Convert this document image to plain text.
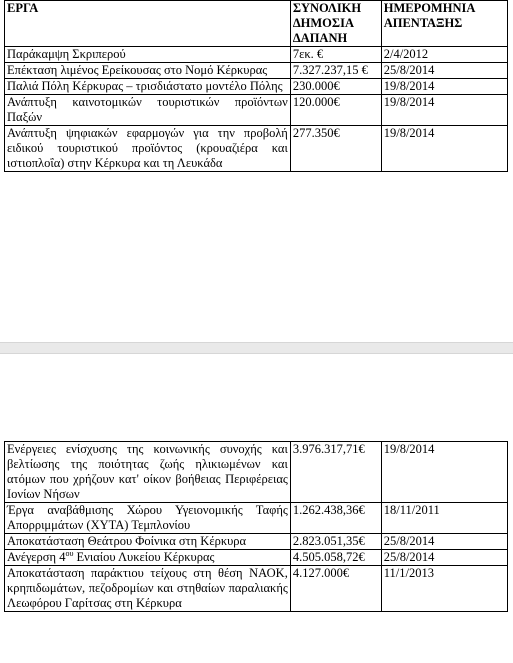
ΕΡΓΑ	ΣΥΝΟΛΙΚΗ ΔΗΜΟΣΙΑ ΔΑΠΑΝΗ	ΗΜΕΡΟΜΗΝΙΑ ΑΠΕΝΤΑΞΗΣ
Παράκαμψη Σκριπερού	7εκ. €	2/4/2012
Επέκταση λιμένος Ερείκουσας στο Νομό Κέρκυρας	7.327.237,15 €	25/8/2014
Παλιά Πόλη Κέρκυρας – τρισδιάστατο μοντέλο Πόλης	230.000€	19/8/2014
Ανάπτυξη καινοτομικών τουριστικών προϊόντων Παξών	120.000€	19/8/2014
Ανάπτυξη ψηφιακών εφαρμογών για την προβολή ειδικού τουριστικού προϊόντος (κρουαζιέρα και ιστιοπλοΐα) στην Κέρκυρα και τη Λευκάδα	277.350€	19/8/2014
Ενέργειες ενίσχυσης της κοινωνικής συνοχής και βελτίωσης της ποιότητας ζωής ηλικιωμένων και ατόμων που χρήζουν κατ' οίκον βοήθειας Περιφέρειας Ιονίων Νήσων	3.976.317,71€	19/8/2014
Έργα αναβάθμισης Χώρου Υγειονομικής Ταφής Απορριμμάτων (ΧΥΤΑ) Τεμπλονίου	1.262.438,36€	18/11/2011
Αποκατάσταση Θεάτρου Φοίνικα στη Κέρκυρα	2.823.051,35€	25/8/2014
Ανέγερση $4^{o\upsilon}$ Ενιαίου Λυκείου Κέρκυρας	4.505.058,72€	25/8/2014
Αποκατάσταση παράκτιου τείχους στη θέση ΝΑΟΚ, κρηπιδωμάτων, πεζοδρομίων και στηθαίων παραλιακής Λεωφόρου Γαρίτσας στη Κέρκυρα	4.127.000€	11/1/2013
